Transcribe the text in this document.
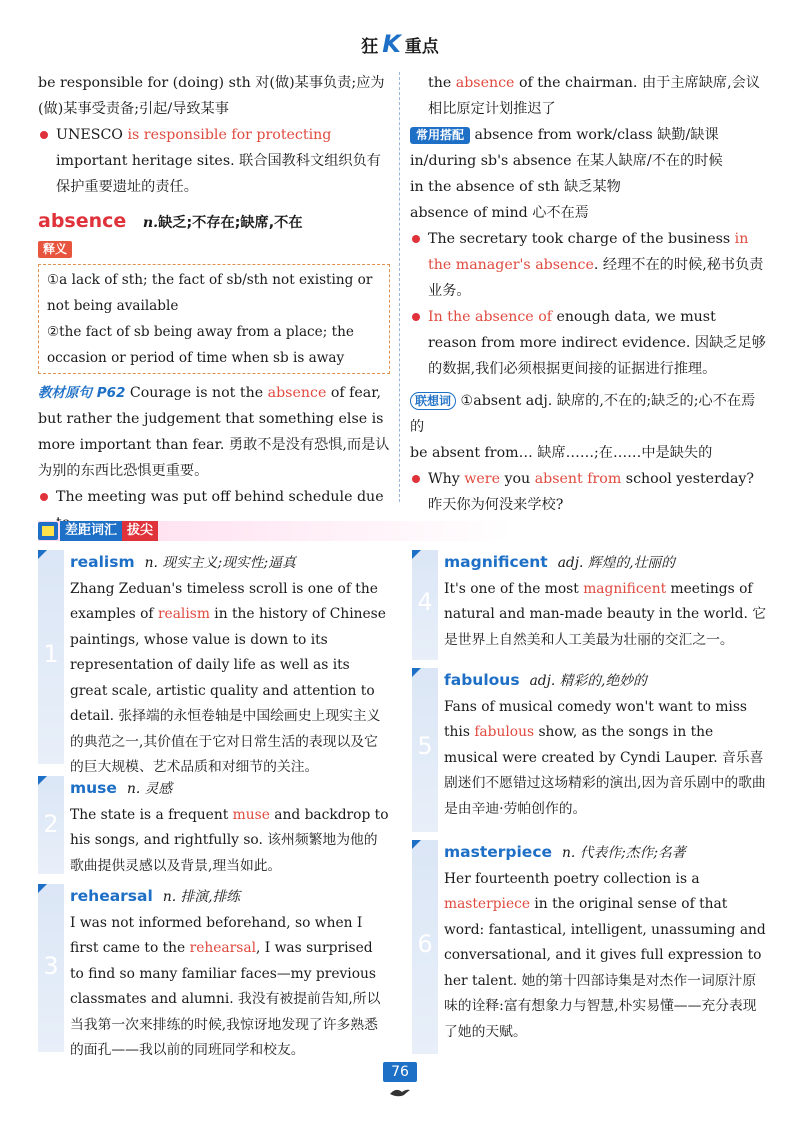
狂 K 重点

be responsible for (doing) sth 对(做)某事负责;应为(做)某事受责备;引起/导致某事

UNESCO is responsible for protecting important heritage sites. 联合国教科文组织负有保护重要遗址的责任。

absence n.缺乏;不存在;缺席,不在

释义

①a lack of sth; the fact of sb/sth not existing or not being available

②the fact of sb being away from a place; the occasion or period of time when sb is away

教材原句 P62 Courage is not the absence of fear, but rather the judgement that something else is more important than fear. 勇敢不是没有恐惧,而是认为别的东西比恐惧更重要。

The meeting was put off behind schedule due

the absence of the chairman. 由于主席缺席,会议相比原定计划推迟了

常用搭配 absence from work/class 缺勤/缺课

in/during sb's absence 在某人缺席/不在的时候

in the absence of sth 缺乏某物

absence of mind 心不在焉

The secretary took charge of the business in the manager's absence. 经理不在的时候,秘书负责业务。

In the absence of enough data, we must reason from more indirect evidence. 因缺乏足够的数据,我们必须根据更间接的证据进行推理。

联想词 ①absent adj. 缺席的,不在的;缺乏的;心不在焉的

be absent from… 缺席……;在……中是缺失的

Why were you absent from school yesterday? 昨天你为何没来学校?

差距词汇 拔尖
1

realism n. 现实主义;现实性;逼真

Zhang Zeduan's timeless scroll is one of the examples of realism in the history of Chinese paintings, whose value is down to its representation of daily life as well as its great scale, artistic quality and attention to detail. 张择端的永恒卷轴是中国绘画史上现实主义的典范之一,其价值在于它对日常生活的表现以及它的巨大规模、艺术品质和对细节的关注。

2

muse n. 灵感

The state is a frequent muse and backdrop to his songs, and rightfully so. 该州频繁地为他的歌曲提供灵感以及背景,理当如此。

3

rehearsal n. 排演,排练

I was not informed beforehand, so when I first came to the rehearsal, I was surprised to find so many familiar faces—my previous classmates and alumni. 我没有被提前告知,所以当我第一次来排练的时候,我惊讶地发现了许多熟悉的面孔——我以前的同班同学和校友。

4

magnificent adj. 辉煌的,壮丽的

It's one of the most magnificent meetings of natural and man-made beauty in the world. 它是世界上自然美和人工美最为壮丽的交汇之一。

5

fabulous adj. 精彩的,绝妙的

Fans of musical comedy won't want to miss this fabulous show, as the songs in the musical were created by Cyndi Lauper. 音乐喜剧迷们不愿错过这场精彩的演出,因为音乐剧中的歌曲是由辛迪·劳帕创作的。

6

masterpiece n. 代表作;杰作;名著

Her fourteenth poetry collection is a masterpiece in the original sense of that word: fantastical, intelligent, unassuming and conversational, and it gives full expression to her talent. 她的第十四部诗集是对杰作一词原汁原味的诠释:富有想象力与智慧,朴实易懂——充分表现了她的天赋。

76
